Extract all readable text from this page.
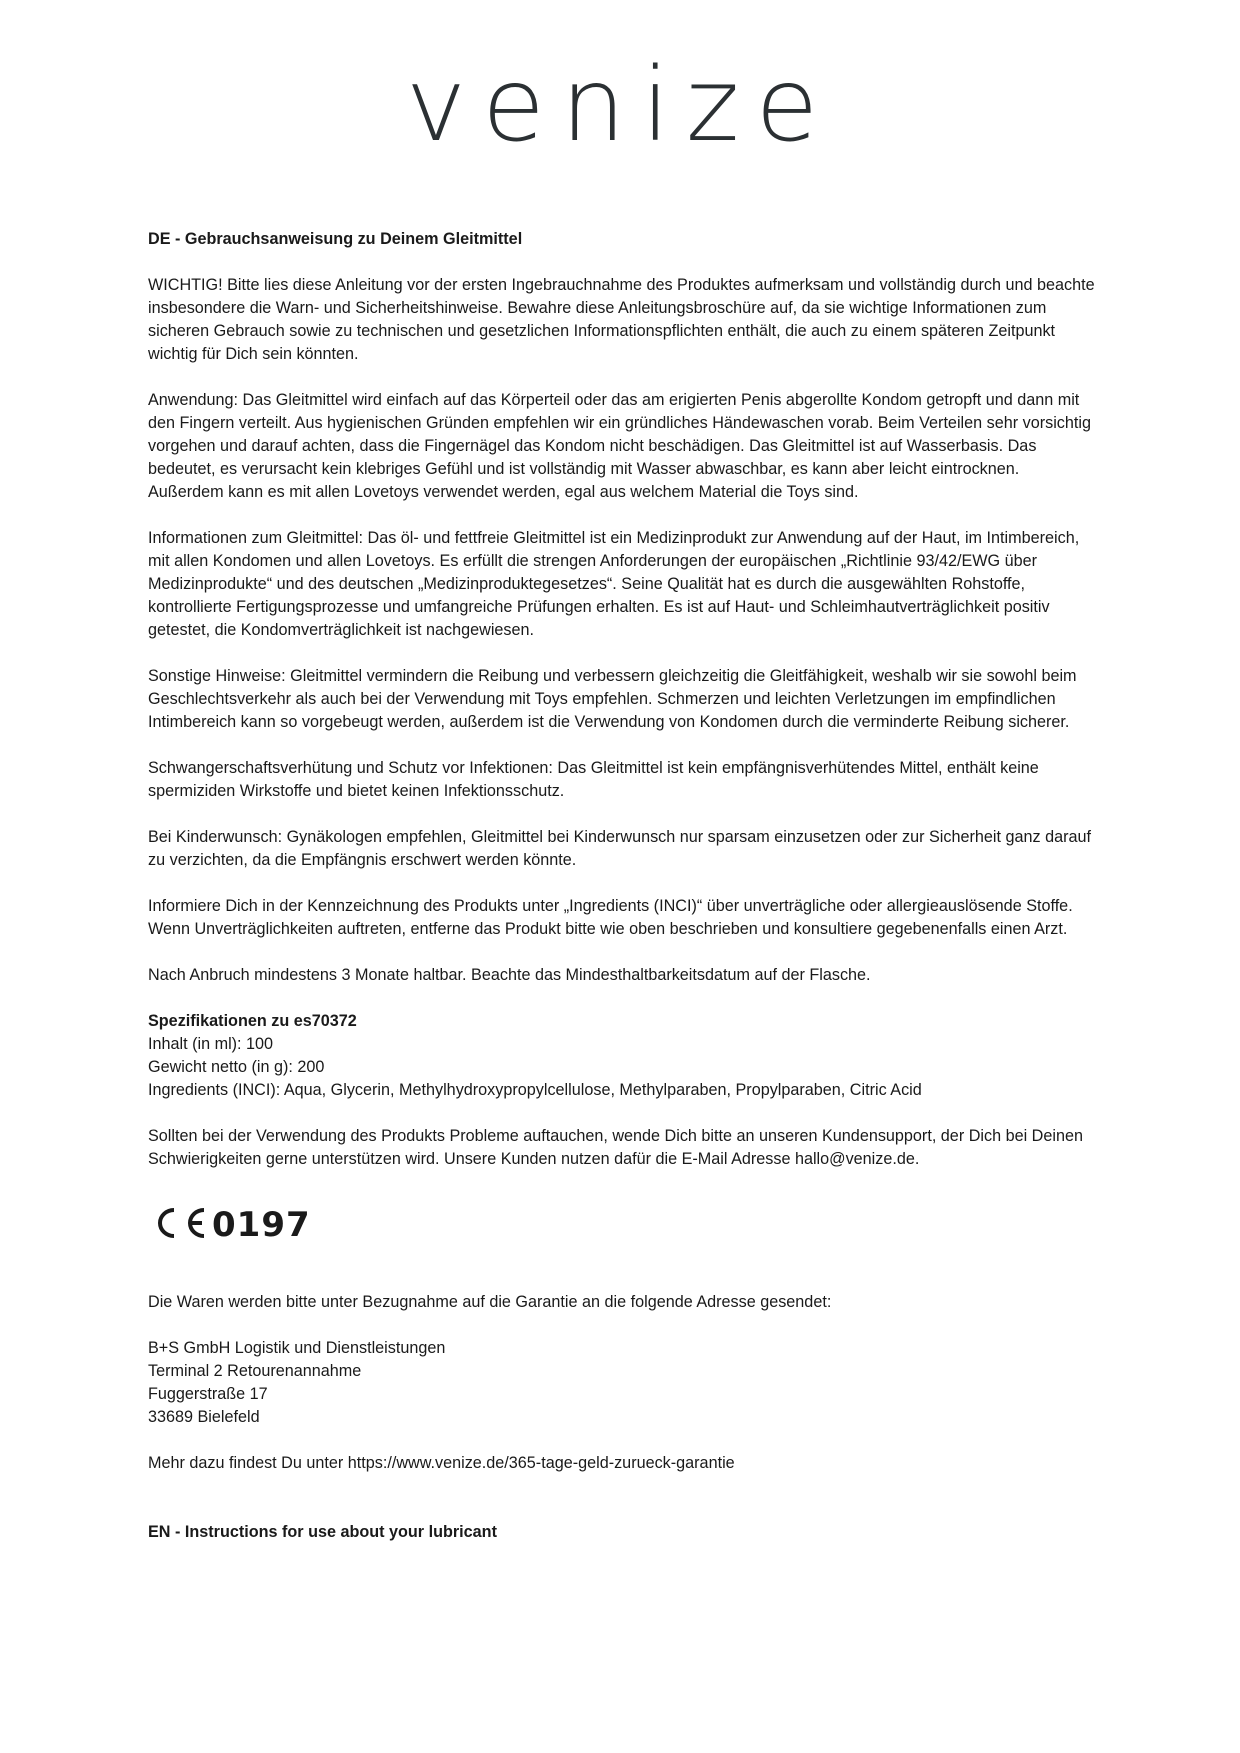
venize

DE - Gebrauchsanweisung zu Deinem Gleitmittel

WICHTIG! Bitte lies diese Anleitung vor der ersten Ingebrauchnahme des Produktes aufmerksam und vollständig durch und beachte insbesondere die Warn- und Sicherheitshinweise. Bewahre diese Anleitungsbroschüre auf, da sie wichtige Informationen zum sicheren Gebrauch sowie zu technischen und gesetzlichen Informationspflichten enthält, die auch zu einem späteren Zeitpunkt wichtig für Dich sein könnten.

Anwendung: Das Gleitmittel wird einfach auf das Körperteil oder das am erigierten Penis abgerollte Kondom getropft und dann mit den Fingern verteilt. Aus hygienischen Gründen empfehlen wir ein gründliches Händewaschen vorab. Beim Verteilen sehr vorsichtig vorgehen und darauf achten, dass die Fingernägel das Kondom nicht beschädigen. Das Gleitmittel ist auf Wasserbasis. Das bedeutet, es verursacht kein klebriges Gefühl und ist vollständig mit Wasser abwaschbar, es kann aber leicht eintrocknen. Außerdem kann es mit allen Lovetoys verwendet werden, egal aus welchem Material die Toys sind.

Informationen zum Gleitmittel: Das öl- und fettfreie Gleitmittel ist ein Medizinprodukt zur Anwendung auf der Haut, im Intimbereich, mit allen Kondomen und allen Lovetoys. Es erfüllt die strengen Anforderungen der europäischen „Richtlinie 93/42/EWG über Medizinprodukte“ und des deutschen „Medizinproduktegesetzes“. Seine Qualität hat es durch die ausgewählten Rohstoffe, kontrollierte Fertigungsprozesse und umfangreiche Prüfungen erhalten. Es ist auf Haut- und Schleimhautverträglichkeit positiv getestet, die Kondomverträglichkeit ist nachgewiesen.

Sonstige Hinweise: Gleitmittel vermindern die Reibung und verbessern gleichzeitig die Gleitfähigkeit, weshalb wir sie sowohl beim Geschlechtsverkehr als auch bei der Verwendung mit Toys empfehlen. Schmerzen und leichten Verletzungen im empfindlichen Intimbereich kann so vorgebeugt werden, außerdem ist die Verwendung von Kondomen durch die verminderte Reibung sicherer.

Schwangerschaftsverhütung und Schutz vor Infektionen: Das Gleitmittel ist kein empfängnisverhütendes Mittel, enthält keine spermiziden Wirkstoffe und bietet keinen Infektionsschutz.

Bei Kinderwunsch: Gynäkologen empfehlen, Gleitmittel bei Kinderwunsch nur sparsam einzusetzen oder zur Sicherheit ganz darauf zu verzichten, da die Empfängnis erschwert werden könnte.

Informiere Dich in der Kennzeichnung des Produkts unter „Ingredients (INCI)“ über unverträgliche oder allergieauslösende Stoffe. Wenn Unverträglichkeiten auftreten, entferne das Produkt bitte wie oben beschrieben und konsultiere gegebenenfalls einen Arzt.

Nach Anbruch mindestens 3 Monate haltbar. Beachte das Mindesthaltbarkeitsdatum auf der Flasche.

Spezifikationen zu es70372
Inhalt (in ml): 100
Gewicht netto (in g): 200
Ingredients (INCI): Aqua, Glycerin, Methylhydroxypropylcellulose, Methylparaben, Propylparaben, Citric Acid

Sollten bei der Verwendung des Produkts Probleme auftauchen, wende Dich bitte an unseren Kundensupport, der Dich bei Deinen Schwierigkeiten gerne unterstützen wird. Unsere Kunden nutzen dafür die E-Mail Adresse hallo@venize.de.

0197

Die Waren werden bitte unter Bezugnahme auf die Garantie an die folgende Adresse gesendet:

B+S GmbH Logistik und Dienstleistungen
Terminal 2 Retourenannahme
Fuggerstraße 17
33689 Bielefeld

Mehr dazu findest Du unter https://www.venize.de/365-tage-geld-zurueck-garantie

EN - Instructions for use about your lubricant
